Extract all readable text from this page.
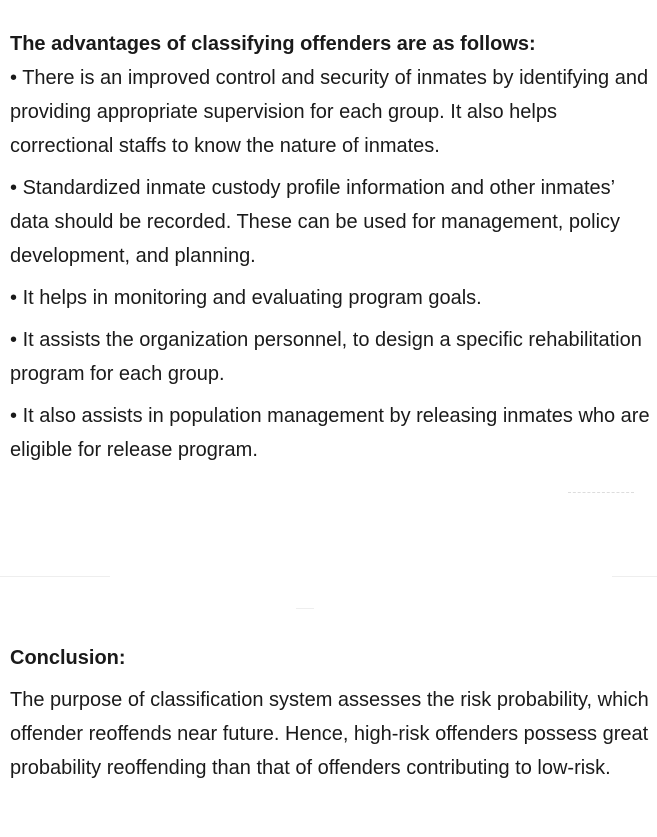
The advantages of classifying offenders are as follows:
• There is an improved control and security of inmates by identifying and providing appropriate supervision for each group. It also helps correctional staffs to know the nature of inmates.
• Standardized inmate custody profile information and other inmates’ data should be recorded. These can be used for management, policy development, and planning.
• It helps in monitoring and evaluating program goals.
• It assists the organization personnel, to design a specific rehabilitation program for each group.
• It also assists in population management by releasing inmates who are eligible for release program.
Conclusion:

The purpose of classification system assesses the risk probability, which offender reoffends near future. Hence, high-risk offenders possess great probability reoffending than that of offenders contributing to low-risk.
